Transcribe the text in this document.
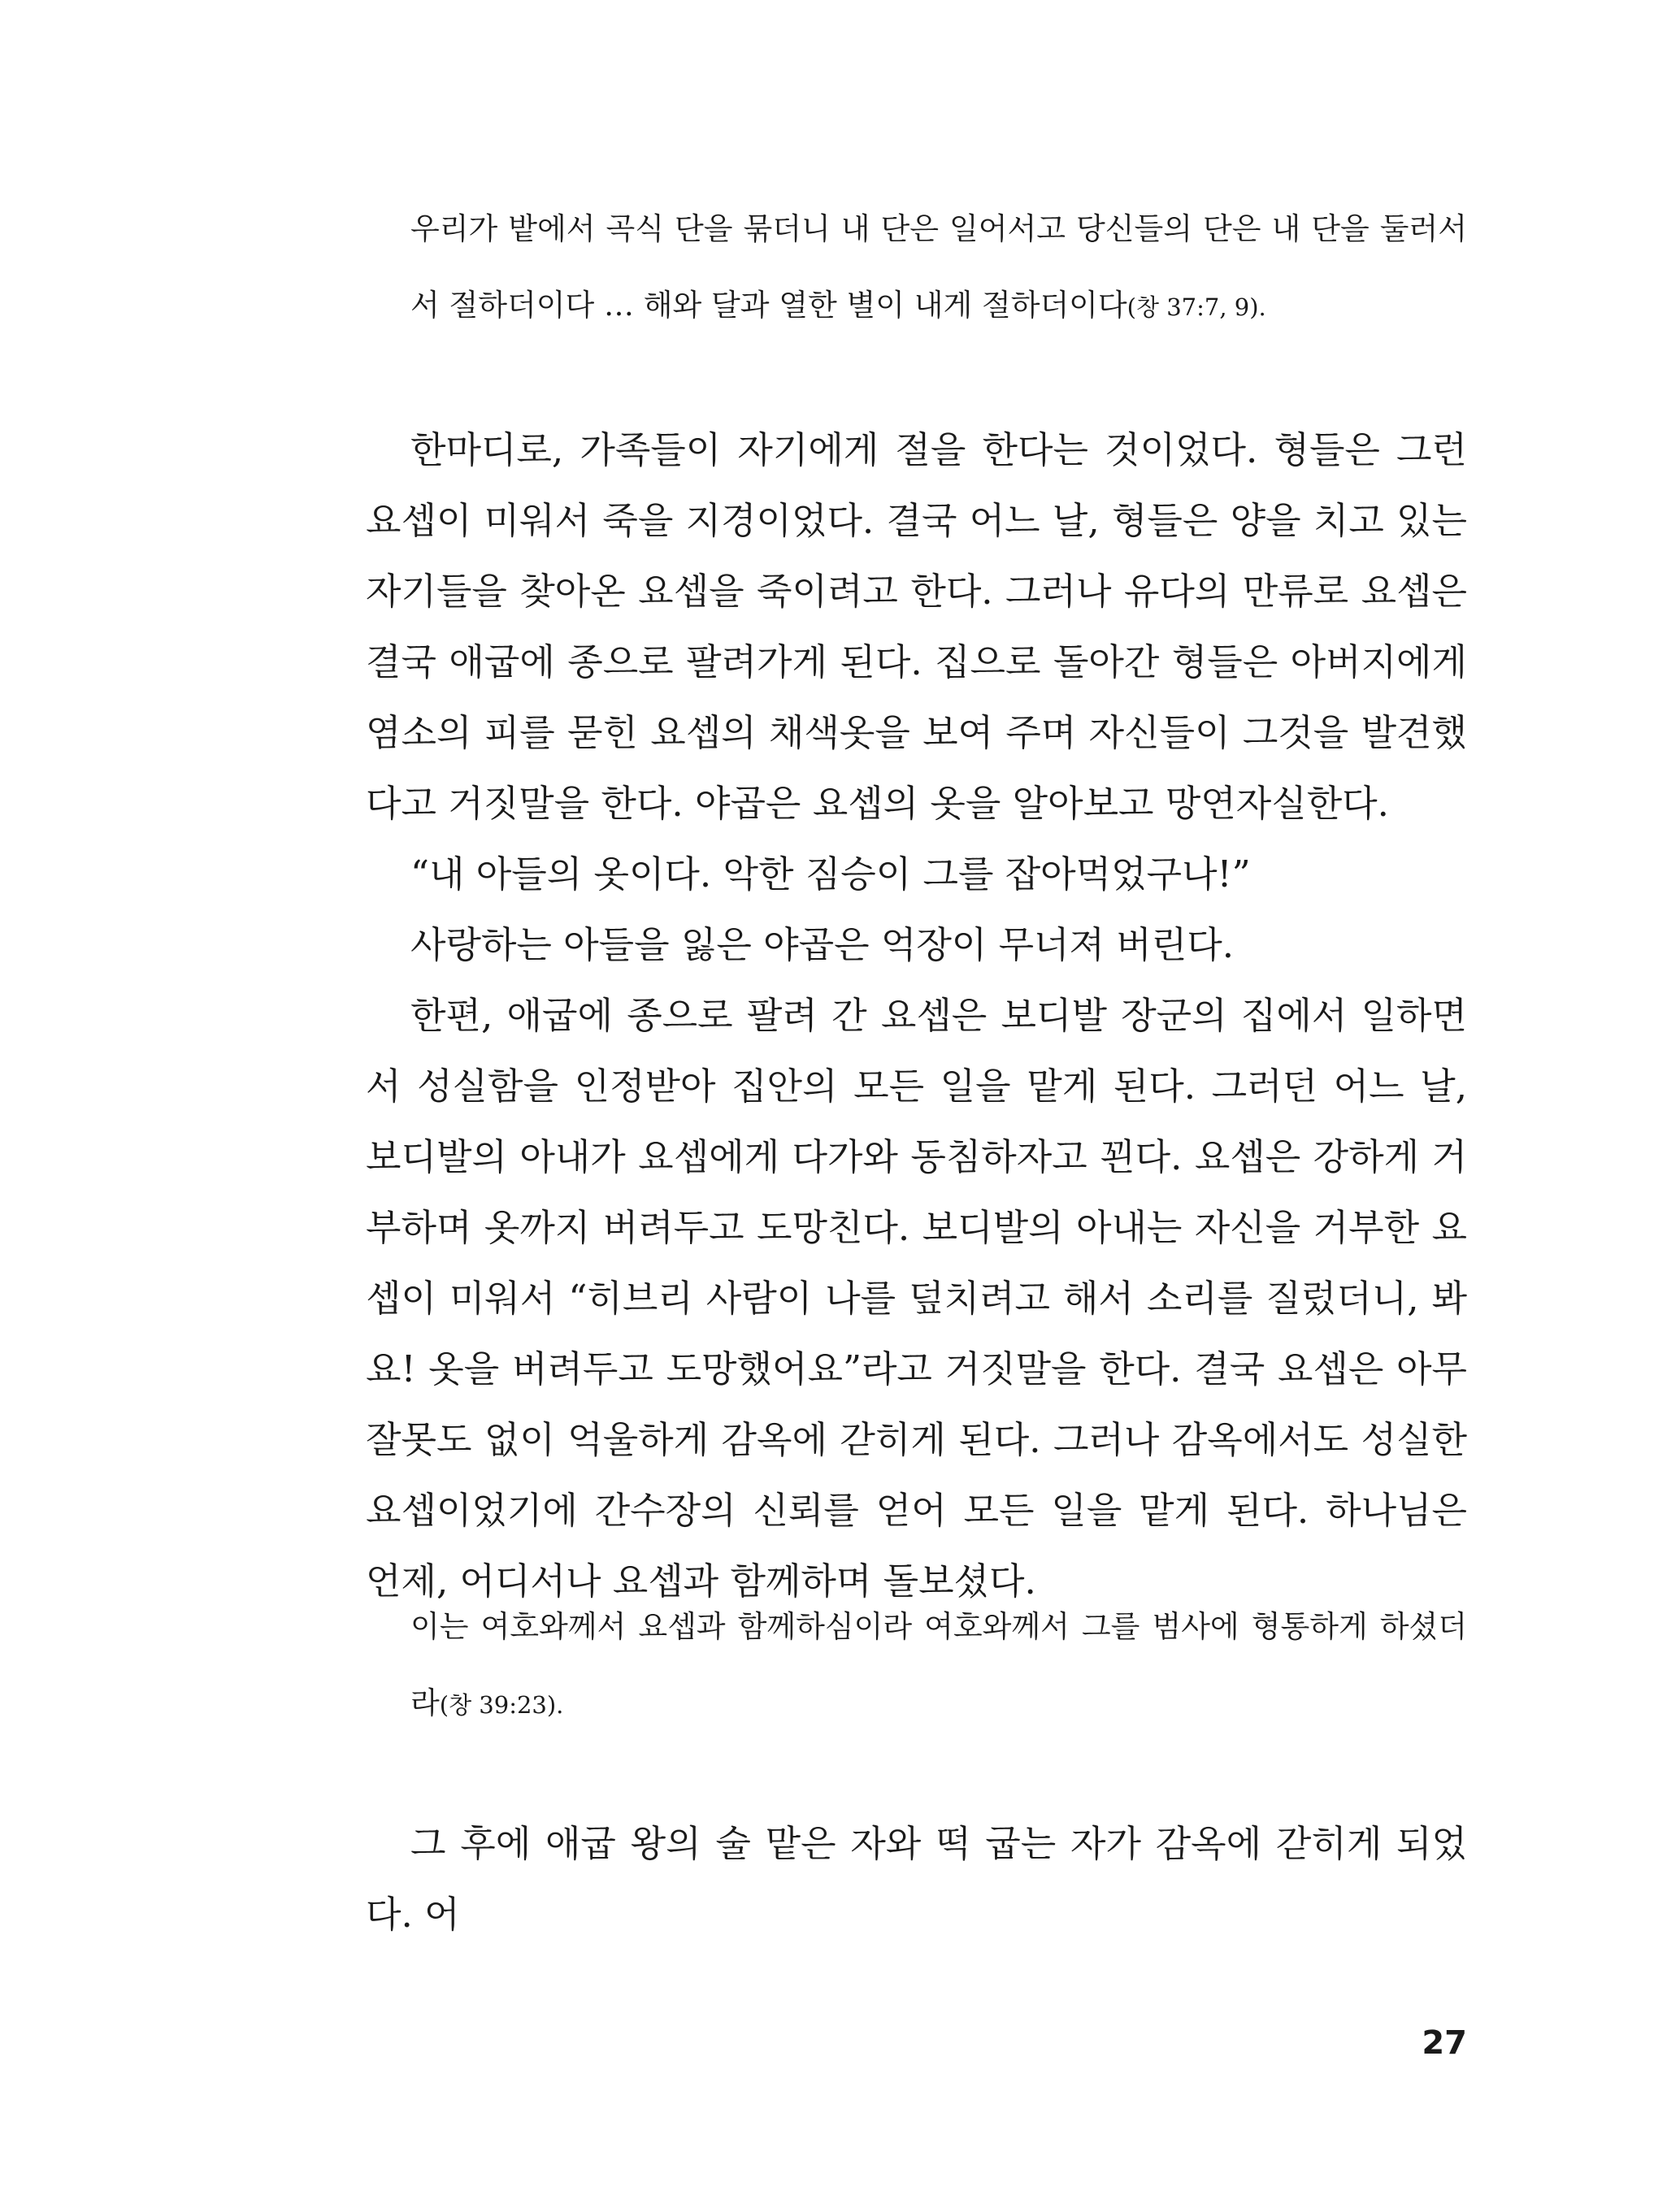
우리가 밭에서 곡식 단을 묶더니 내 단은 일어서고 당신들의 단은 내 단을 둘러서서 절하더이다 … 해와 달과 열한 별이 내게 절하더이다(창 37:7, 9).

한마디로, 가족들이 자기에게 절을 한다는 것이었다. 형들은 그런 요셉이 미워서 죽을 지경이었다. 결국 어느 날, 형들은 양을 치고 있는 자기들을 찾아온 요셉을 죽이려고 한다. 그러나 유다의 만류로 요셉은 결국 애굽에 종으로 팔려가게 된다. 집으로 돌아간 형들은 아버지에게 염소의 피를 묻힌 요셉의 채색옷을 보여 주며 자신들이 그것을 발견했다고 거짓말을 한다. 야곱은 요셉의 옷을 알아보고 망연자실한다.

“내 아들의 옷이다. 악한 짐승이 그를 잡아먹었구나!”

사랑하는 아들을 잃은 야곱은 억장이 무너져 버린다.

한편, 애굽에 종으로 팔려 간 요셉은 보디발 장군의 집에서 일하면서 성실함을 인정받아 집안의 모든 일을 맡게 된다. 그러던 어느 날, 보디발의 아내가 요셉에게 다가와 동침하자고 꾄다. 요셉은 강하게 거부하며 옷까지 버려두고 도망친다. 보디발의 아내는 자신을 거부한 요셉이 미워서 “히브리 사람이 나를 덮치려고 해서 소리를 질렀더니, 봐요! 옷을 버려두고 도망했어요”라고 거짓말을 한다. 결국 요셉은 아무 잘못도 없이 억울하게 감옥에 갇히게 된다. 그러나 감옥에서도 성실한 요셉이었기에 간수장의 신뢰를 얻어 모든 일을 맡게 된다. 하나님은 언제, 어디서나 요셉과 함께하며 돌보셨다.

이는 여호와께서 요셉과 함께하심이라 여호와께서 그를 범사에 형통하게 하셨더라(창 39:23).

그 후에 애굽 왕의 술 맡은 자와 떡 굽는 자가 감옥에 갇히게 되었다. 어

27
